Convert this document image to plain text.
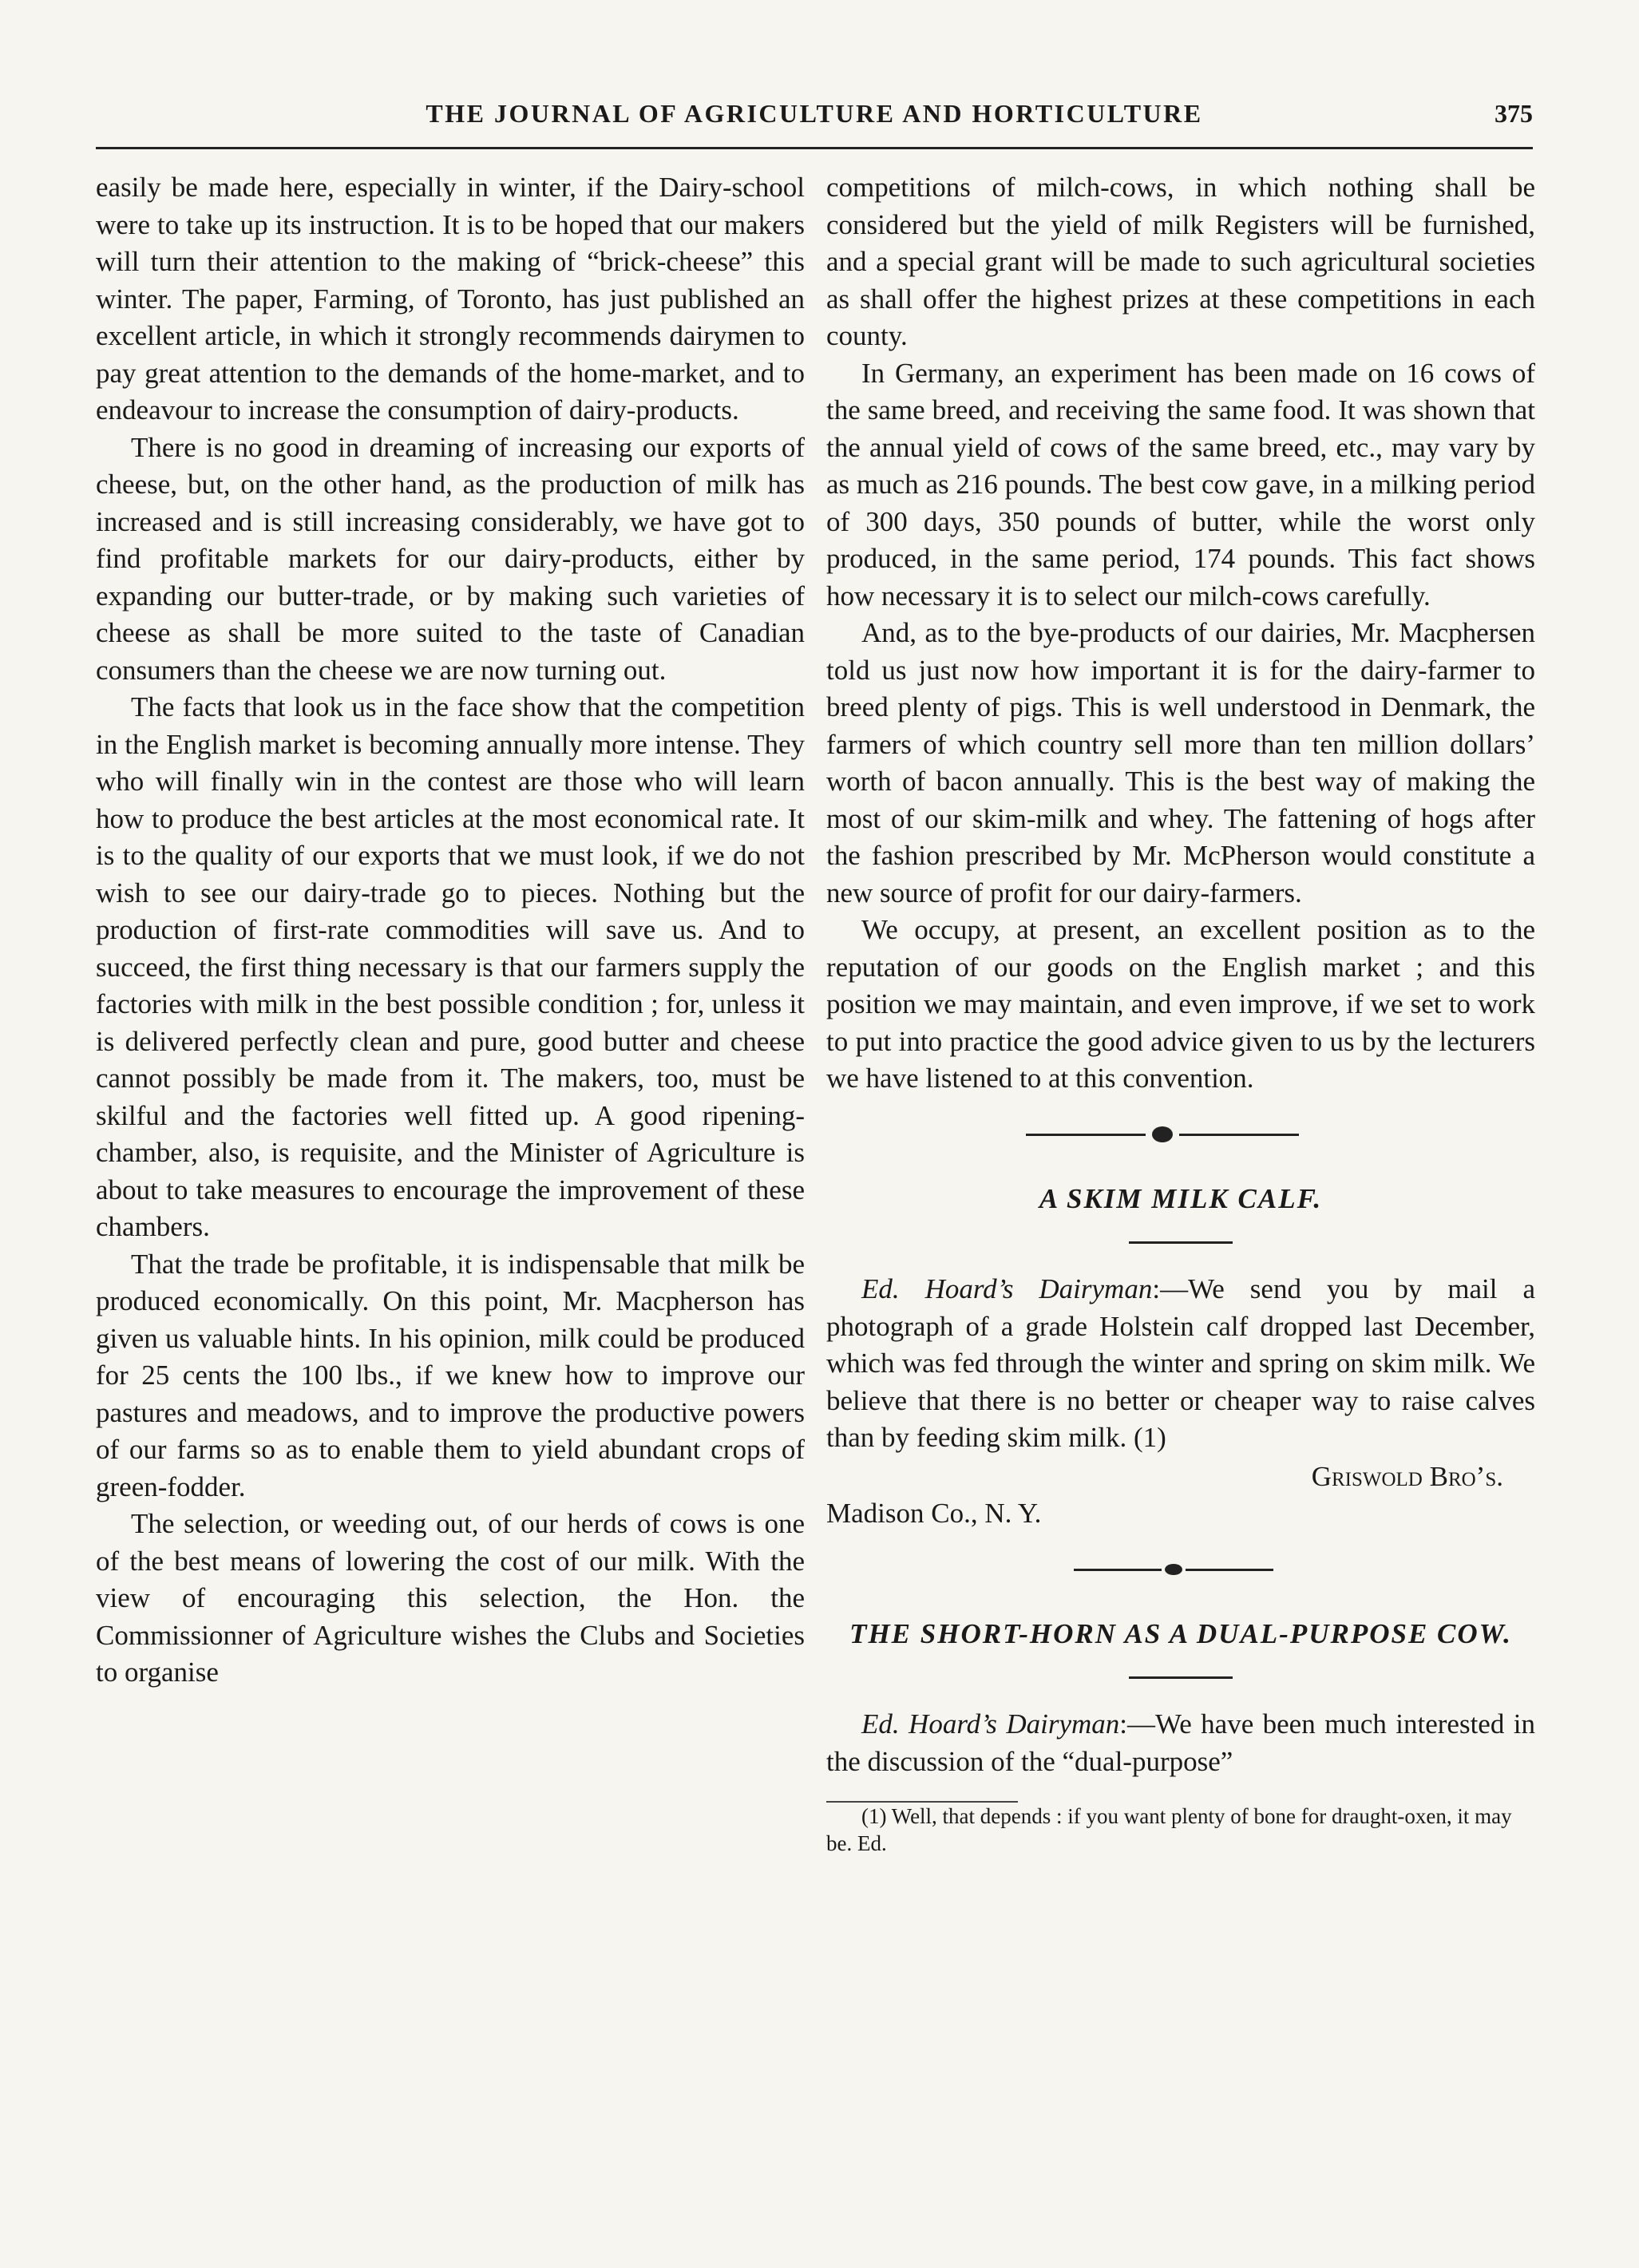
THE JOURNAL OF AGRICULTURE AND HORTICULTURE	375

easily be made here, especially in winter, if the Dairy-school were to take up its instruction. It is to be hoped that our makers will turn their attention to the making of “brick-cheese” this winter. The paper, Farming, of Toronto, has just published an excellent article, in which it strongly recommends dairymen to pay great attention to the demands of the home-market, and to endeavour to increase the consumption of dairy-products.

There is no good in dreaming of increasing our exports of cheese, but, on the other hand, as the production of milk has increased and is still increasing considerably, we have got to find profitable markets for our dairy-products, either by expanding our butter-trade, or by making such varieties of cheese as shall be more suited to the taste of Canadian consumers than the cheese we are now turning out.

The facts that look us in the face show that the competition in the English market is becoming annually more intense. They who will finally win in the contest are those who will learn how to produce the best articles at the most economical rate. It is to the quality of our exports that we must look, if we do not wish to see our dairy-trade go to pieces. Nothing but the production of first-rate commodities will save us. And to succeed, the first thing necessary is that our farmers supply the factories with milk in the best possible condition ; for, unless it is delivered perfectly clean and pure, good butter and cheese cannot possibly be made from it. The makers, too, must be skilful and the factories well fitted up. A good ripening-chamber, also, is requisite, and the Minister of Agriculture is about to take measures to encourage the improvement of these chambers.

That the trade be profitable, it is indispensable that milk be produced economically. On this point, Mr. Macpherson has given us valuable hints. In his opinion, milk could be produced for 25 cents the 100 lbs., if we knew how to improve our pastures and meadows, and to improve the productive powers of our farms so as to enable them to yield abundant crops of green-fodder.

The selection, or weeding out, of our herds of cows is one of the best means of lowering the cost of our milk. With the view of encouraging this selection, the Hon. the Commissionner of Agriculture wishes the Clubs and Societies to organise

competitions of milch-cows, in which nothing shall be considered but the yield of milk Registers will be furnished, and a special grant will be made to such agricultural societies as shall offer the highest prizes at these competitions in each county.

In Germany, an experiment has been made on 16 cows of the same breed, and receiving the same food. It was shown that the annual yield of cows of the same breed, etc., may vary by as much as 216 pounds. The best cow gave, in a milking period of 300 days, 350 pounds of butter, while the worst only produced, in the same period, 174 pounds. This fact shows how necessary it is to select our milch-cows carefully.

And, as to the bye-products of our dairies, Mr. Macphersen told us just now how important it is for the dairy-farmer to breed plenty of pigs. This is well understood in Denmark, the farmers of which country sell more than ten million dollars’ worth of bacon annually. This is the best way of making the most of our skim-milk and whey. The fattening of hogs after the fashion prescribed by Mr. McPherson would constitute a new source of profit for our dairy-farmers.

We occupy, at present, an excellent position as to the reputation of our goods on the English market ; and this position we may maintain, and even improve, if we set to work to put into practice the good advice given to us by the lecturers we have listened to at this convention.

A SKIM MILK CALF.

Ed. Hoard’s Dairyman:—We send you by mail a photograph of a grade Holstein calf dropped last December, which was fed through the winter and spring on skim milk. We believe that there is no better or cheaper way to raise calves than by feeding skim milk. (1)

Griswold Bro’s.
Madison Co., N. Y.
THE SHORT-HORN AS A DUAL-PURPOSE COW.

Ed. Hoard’s Dairyman:—We have been much interested in the discussion of the “dual-purpose”

(1) Well, that depends : if you want plenty of bone for draught-oxen, it may be. Ed.
